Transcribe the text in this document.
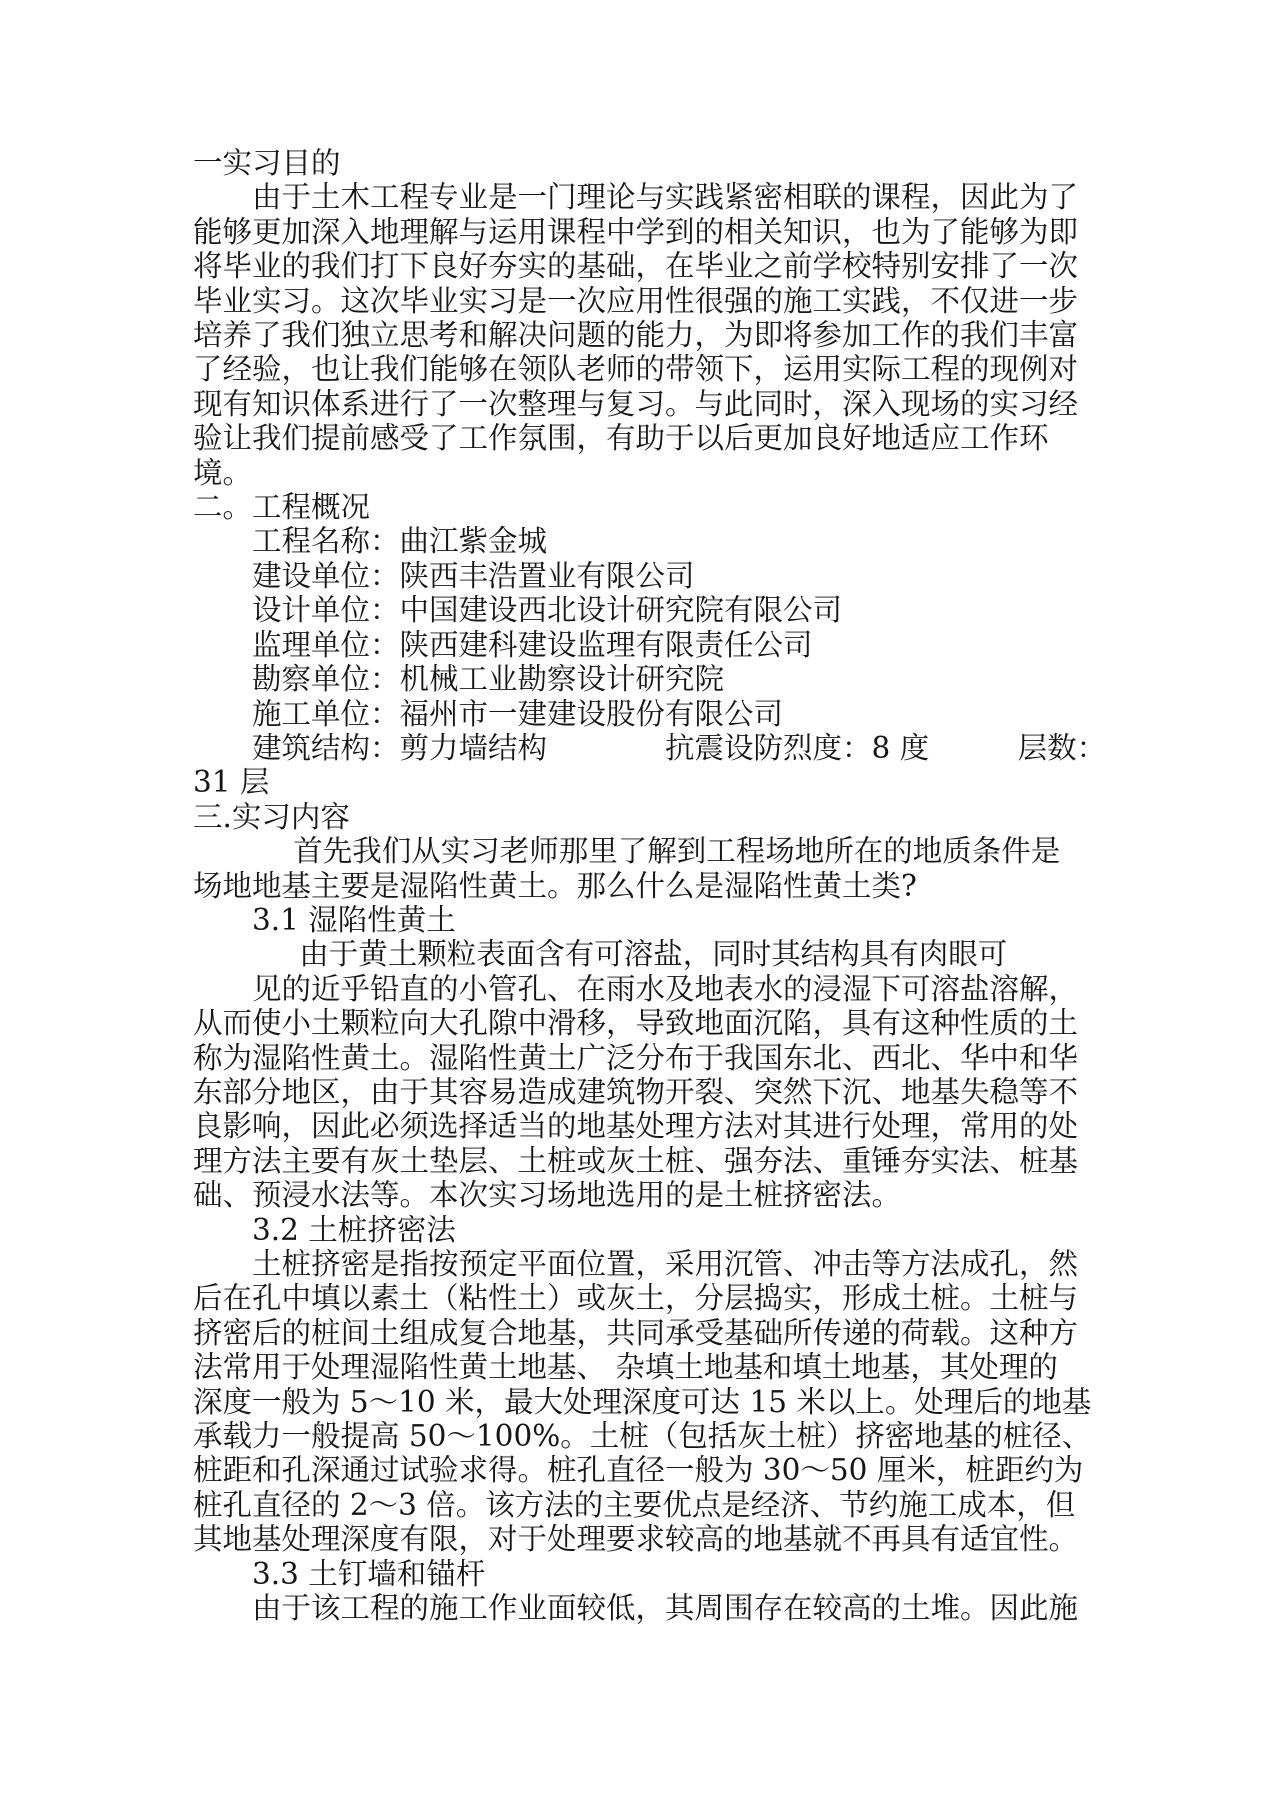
一实习目的
由于土木工程专业是一门理论与实践紧密相联的课程，因此为了
能够更加深入地理解与运用课程中学到的相关知识，也为了能够为即
将毕业的我们打下良好夯实的基础，在毕业之前学校特别安排了一次
毕业实习。这次毕业实习是一次应用性很强的施工实践，不仅进一步
培养了我们独立思考和解决问题的能力，为即将参加工作的我们丰富
了经验，也让我们能够在领队老师的带领下，运用实际工程的现例对
现有知识体系进行了一次整理与复习。与此同时，深入现场的实习经
验让我们提前感受了工作氛围，有助于以后更加良好地适应工作环
境。
二。工程概况
工程名称：曲江紫金城
建设单位：陕西丰浩置业有限公司
设计单位：中国建设西北设计研究院有限公司
监理单位：陕西建科建设监理有限责任公司
勘察单位：机械工业勘察设计研究院
施工单位：福州市一建建设股份有限公司
建筑结构：剪力墙结构　　　　抗震设防烈度：8 度　　　层数：
31 层
三.实习内容
首先我们从实习老师那里了解到工程场地所在的地质条件是
场地地基主要是湿陷性黄土。那么什么是湿陷性黄土类?
3.1 湿陷性黄土
由于黄土颗粒表面含有可溶盐，同时其结构具有肉眼可
见的近乎铅直的小管孔、在雨水及地表水的浸湿下可溶盐溶解，
从而使小土颗粒向大孔隙中滑移，导致地面沉陷，具有这种性质的土
称为湿陷性黄土。湿陷性黄土广泛分布于我国东北、西北、华中和华
东部分地区，由于其容易造成建筑物开裂、突然下沉、地基失稳等不
良影响，因此必须选择适当的地基处理方法对其进行处理，常用的处
理方法主要有灰土垫层、土桩或灰土桩、强夯法、重锤夯实法、桩基
础、预浸水法等。本次实习场地选用的是土桩挤密法。
3.2 土桩挤密法
土桩挤密是指按预定平面位置，采用沉管、冲击等方法成孔，然
后在孔中填以素土（粘性土）或灰土，分层捣实，形成土桩。土桩与
挤密后的桩间土组成复合地基，共同承受基础所传递的荷载。这种方
法常用于处理湿陷性黄土地基、 杂填土地基和填土地基，其处理的
深度一般为 5～10 米，最大处理深度可达 15 米以上。处理后的地基
承载力一般提高 50～100%。土桩（包括灰土桩）挤密地基的桩径、
桩距和孔深通过试验求得。桩孔直径一般为 30～50 厘米，桩距约为
桩孔直径的 2～3 倍。该方法的主要优点是经济、节约施工成本，但
其地基处理深度有限，对于处理要求较高的地基就不再具有适宜性。
3.3 土钉墙和锚杆
由于该工程的施工作业面较低，其周围存在较高的土堆。因此施
